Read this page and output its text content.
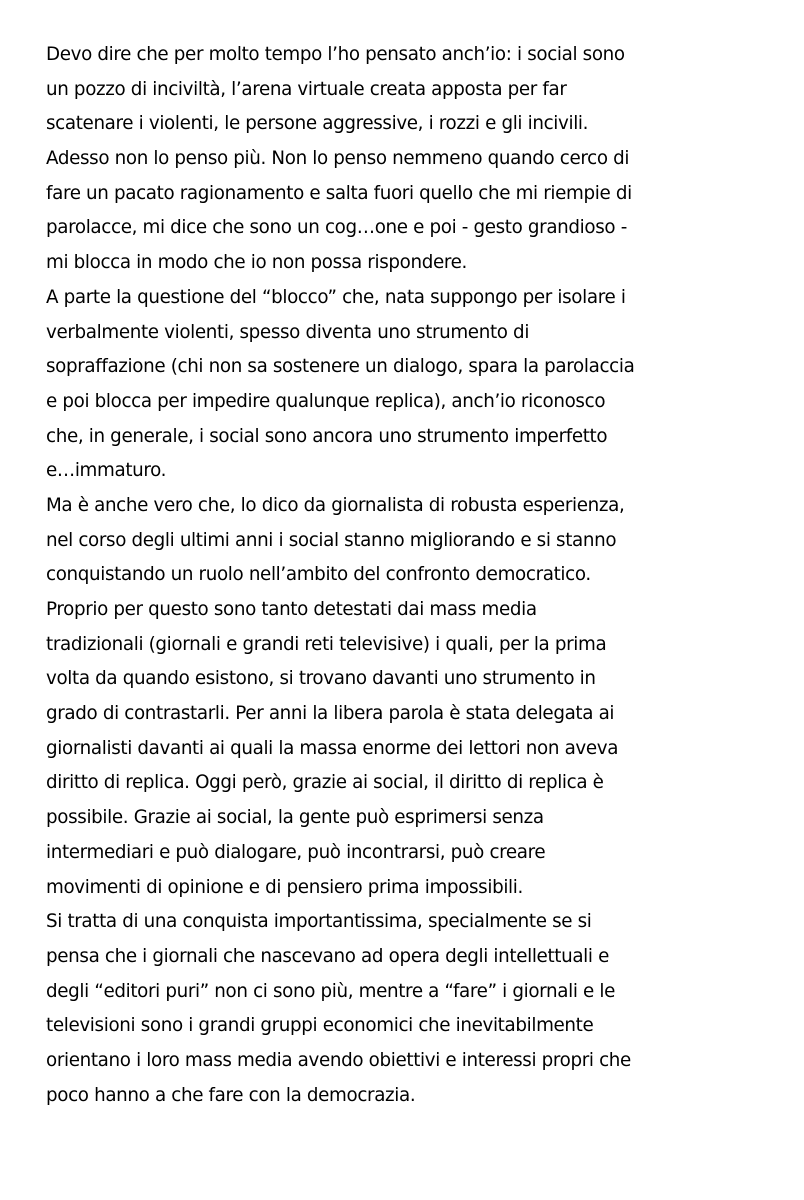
Devo dire che per molto tempo l’ho pensato anch’io: i social sono
un pozzo di inciviltà, l’arena virtuale creata apposta per far
scatenare i violenti, le persone aggressive, i rozzi e gli incivili.
Adesso non lo penso più. Non lo penso nemmeno quando cerco di
fare un pacato ragionamento e salta fuori quello che mi riempie di
parolacce, mi dice che sono un cog…one e poi - gesto grandioso -
mi blocca in modo che io non possa rispondere.
A parte la questione del “blocco” che, nata suppongo per isolare i
verbalmente violenti, spesso diventa uno strumento di
sopraffazione (chi non sa sostenere un dialogo, spara la parolaccia
e poi blocca per impedire qualunque replica), anch’io riconosco
che, in generale, i social sono ancora uno strumento imperfetto
e…immaturo.
Ma è anche vero che, lo dico da giornalista di robusta esperienza,
nel corso degli ultimi anni i social stanno migliorando e si stanno
conquistando un ruolo nell’ambito del confronto democratico.
Proprio per questo sono tanto detestati dai mass media
tradizionali (giornali e grandi reti televisive) i quali, per la prima
volta da quando esistono, si trovano davanti uno strumento in
grado di contrastarli. Per anni la libera parola è stata delegata ai
giornalisti davanti ai quali la massa enorme dei lettori non aveva
diritto di replica. Oggi però, grazie ai social, il diritto di replica è
possibile. Grazie ai social, la gente può esprimersi senza
intermediari e può dialogare, può incontrarsi, può creare
movimenti di opinione e di pensiero prima impossibili.
Si tratta di una conquista importantissima, specialmente se si
pensa che i giornali che nascevano ad opera degli intellettuali e
degli “editori puri” non ci sono più, mentre a “fare” i giornali e le
televisioni sono i grandi gruppi economici che inevitabilmente
orientano i loro mass media avendo obiettivi e interessi propri che
poco hanno a che fare con la democrazia.
